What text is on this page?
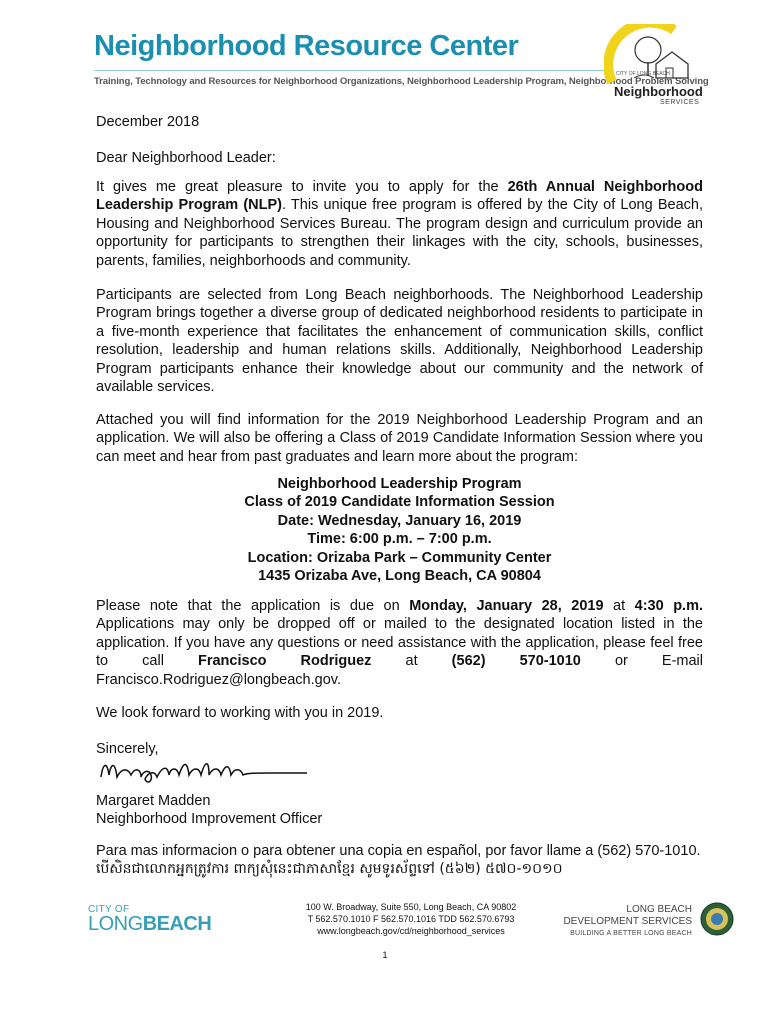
Neighborhood Resource Center
Training, Technology and Resources for Neighborhood Organizations, Neighborhood Leadership Program, Neighborhood Problem Solving
CITY OF LONG BEACH
Neighborhood
SERVICES
December 2018
Dear Neighborhood Leader:
It gives me great pleasure to invite you to apply for the 26th Annual Neighborhood Leadership Program (NLP). This unique free program is offered by the City of Long Beach, Housing and Neighborhood Services Bureau. The program design and curriculum provide an opportunity for participants to strengthen their linkages with the city, schools, businesses, parents, families, neighborhoods and community.
Participants are selected from Long Beach neighborhoods. The Neighborhood Leadership Program brings together a diverse group of dedicated neighborhood residents to participate in a five-month experience that facilitates the enhancement of communication skills, conflict resolution, leadership and human relations skills. Additionally, Neighborhood Leadership Program participants enhance their knowledge about our community and the network of available services.
Attached you will find information for the 2019 Neighborhood Leadership Program and an application. We will also be offering a Class of 2019 Candidate Information Session where you can meet and hear from past graduates and learn more about the program:
Neighborhood Leadership Program
Class of 2019 Candidate Information Session
Date: Wednesday, January 16, 2019
Time: 6:00 p.m. – 7:00 p.m.
Location: Orizaba Park – Community Center
1435 Orizaba Ave, Long Beach, CA 90804
Please note that the application is due on Monday, January 28, 2019 at 4:30 p.m. Applications may only be dropped off or mailed to the designated location listed in the application. If you have any questions or need assistance with the application, please feel free to call Francisco Rodriguez at (562) 570-1010 or E-mail Francisco.Rodriguez@longbeach.gov.
We look forward to working with you in 2019.
Sincerely,
Margaret Madden
Neighborhood Improvement Officer
Para mas informacion o para obtener una copia en español, por favor llame a (562) 570-1010. បើសិនជាលោកអ្នកត្រូវការ ពាក្យសុំនេះជាភាសាខ្មែរ សូមទូរស័ព្ទទៅ (៥៦២) ៥៧០-១០១០
CITY OF
LONGBEACH
100 W. Broadway, Suite 550, Long Beach, CA 90802
T 562.570.1010 F 562.570.1016 TDD 562.570.6793
www.longbeach.gov/cd/neighborhood_services
LONG BEACH
DEVELOPMENT SERVICES
BUILDING A BETTER LONG BEACH
1
